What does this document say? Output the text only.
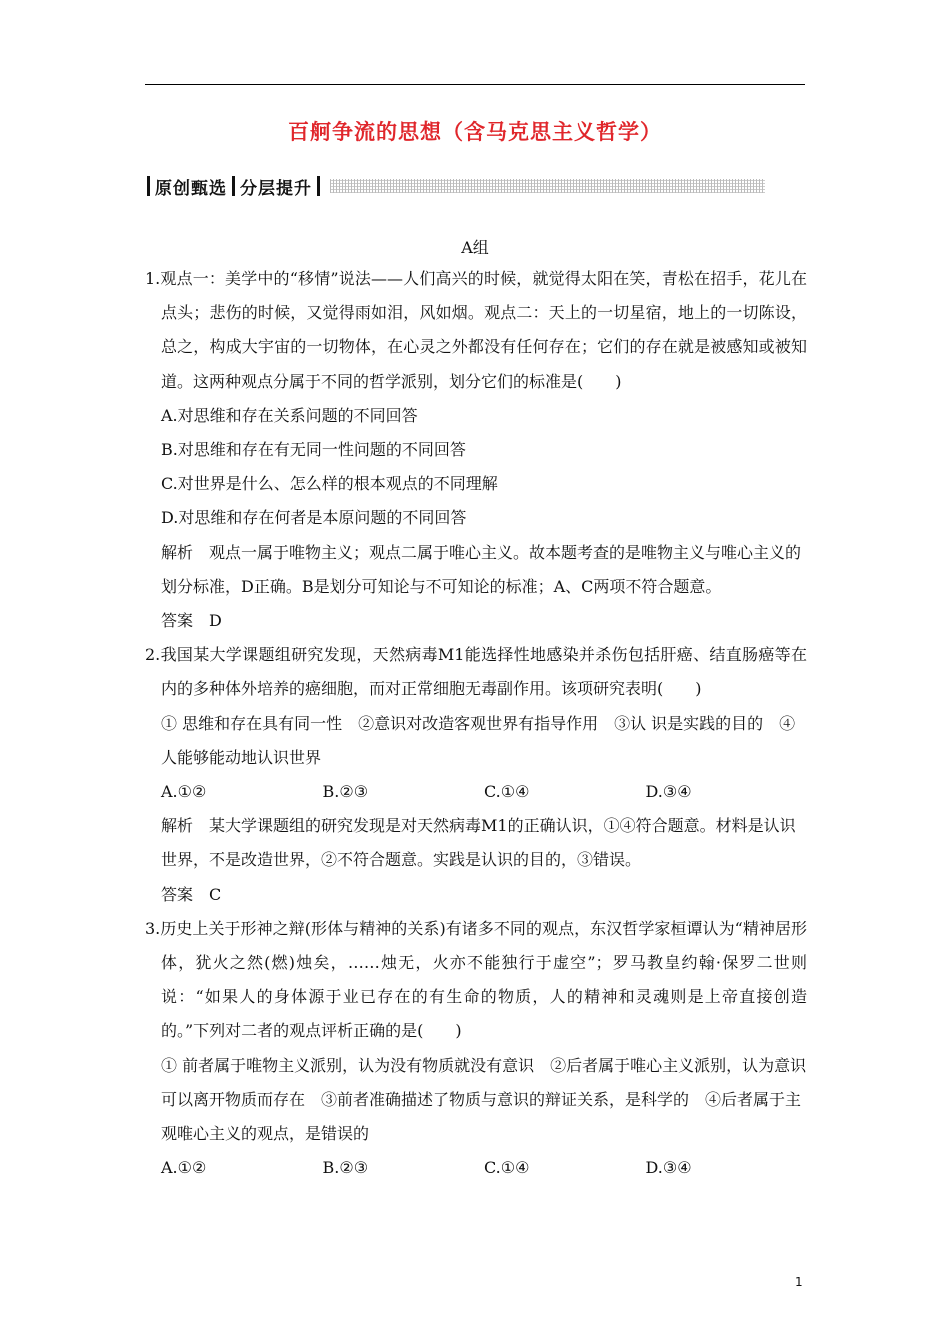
百舸争流的思想（含马克思主义哲学）
原创甄选 分层提升
A组
1.观点一：美学中的“移情”说法——人们高兴的时候，就觉得太阳在笑，青松在招手，花儿在点头；悲伤的时候，又觉得雨如泪，风如烟。观点二：天上的一切星宿，地上的一切陈设，总之，构成大宇宙的一切物体，在心灵之外都没有任何存在；它们的存在就是被感知或被知道。这两种观点分属于不同的哲学派别，划分它们的标准是(　　)
A.对思维和存在关系问题的不同回答
B.对思维和存在有无同一性问题的不同回答
C.对世界是什么、怎么样的根本观点的不同理解
D.对思维和存在何者是本原问题的不同回答
解析 观点一属于唯物主义；观点二属于唯心主义。故本题考查的是唯物主义与唯心主义的划分标准，D正确。B是划分可知论与不可知论的标准；A、C两项不符合题意。
答案 D
2.我国某大学课题组研究发现，天然病毒M1能选择性地感染并杀伤包括肝癌、结直肠癌等在内的多种体外培养的癌细胞，而对正常细胞无毒副作用。该项研究表明(　　)
① 思维和存在具有同一性　②意识对改造客观世界有指导作用　③认 识是实践的目的　④人能够能动地认识世界
A.①②	B.②③	C.①④	D.③④
解析 某大学课题组的研究发现是对天然病毒M1的正确认识，①④符合题意。材料是认识世界，不是改造世界，②不符合题意。实践是认识的目的，③错误。
答案 C
3.历史上关于形神之辩(形体与精神的关系)有诸多不同的观点，东汉哲学家桓谭认为“精神居形体，犹火之然(燃)烛矣，……烛无，火亦不能独行于虚空”；罗马教皇约翰·保罗二世则说：“如果人的身体源于业已存在的有生命的物质，人的精神和灵魂则是上帝直接创造的。”下列对二者的观点评析正确的是(　　)
① 前者属于唯物主义派别，认为没有物质就没有意识　②后者属于唯心主义派别，认为意识可以离开物质而存在　③前者准确描述了物质与意识的辩证关系，是科学的　④后者属于主观唯心主义的观点，是错误的
A.①②	B.②③	C.①④	D.③④
1
